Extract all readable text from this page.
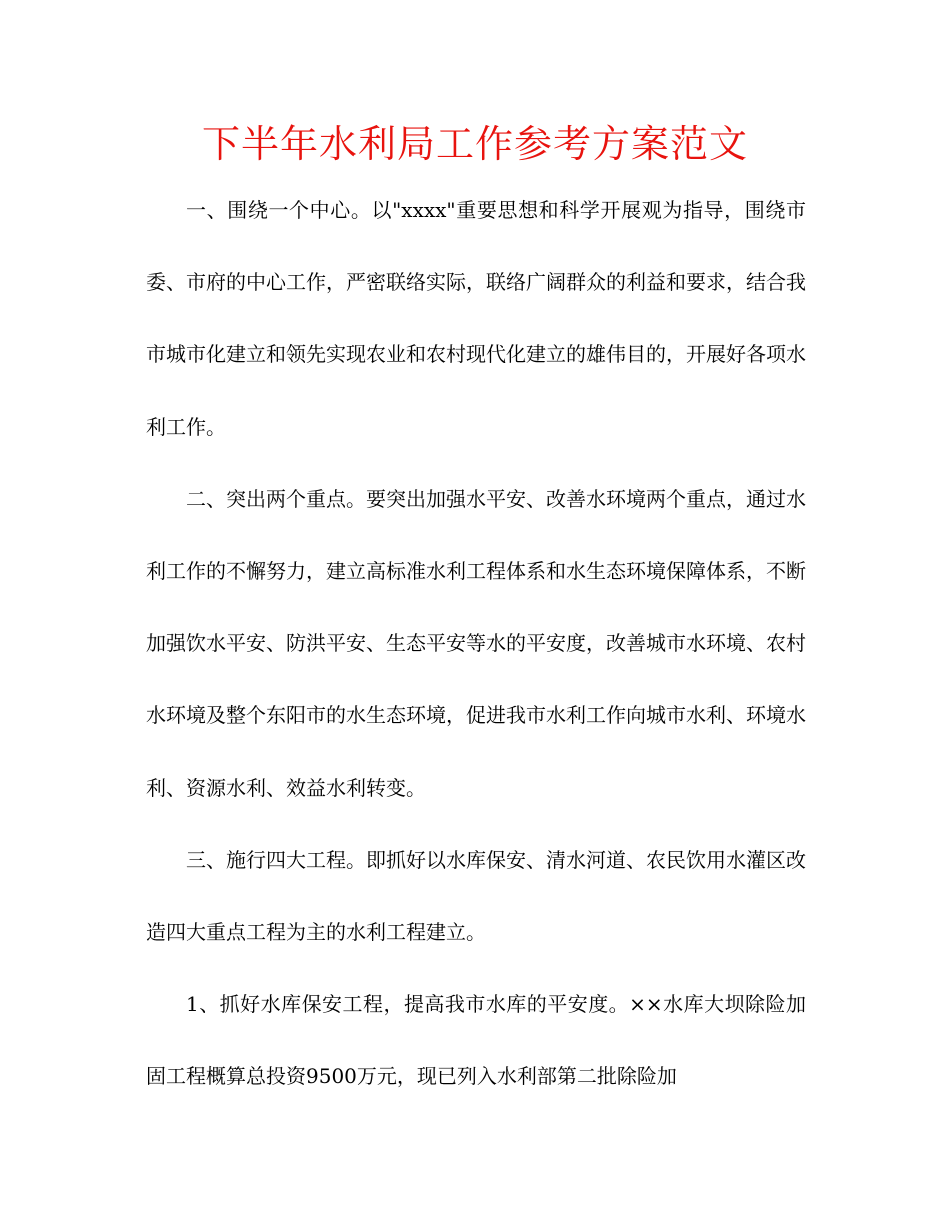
下半年水利局工作参考方案范文

一、围绕一个中心。以"xxxx"重要思想和科学开展观为指导，围绕市委、市府的中心工作，严密联络实际，联络广阔群众的利益和要求，结合我市城市化建立和领先实现农业和农村现代化建立的雄伟目的，开展好各项水利工作。

二、突出两个重点。要突出加强水平安、改善水环境两个重点，通过水利工作的不懈努力，建立高标准水利工程体系和水生态环境保障体系，不断加强饮水平安、防洪平安、生态平安等水的平安度，改善城市水环境、农村水环境及整个东阳市的水生态环境，促进我市水利工作向城市水利、环境水利、资源水利、效益水利转变。

三、施行四大工程。即抓好以水库保安、清水河道、农民饮用水灌区改造四大重点工程为主的水利工程建立。

1、抓好水库保安工程，提高我市水库的平安度。××水库大坝除险加固工程概算总投资9500万元，现已列入水利部第二批除险加
